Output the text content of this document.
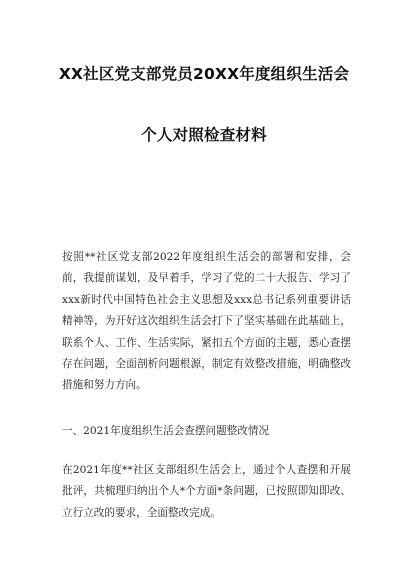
XX社区党支部党员20XX年度组织生活会
个人对照检查材料

按照**社区党支部2022年度组织生活会的部署和安排，会前，我提前谋划，及早着手，学习了党的二十大报告、学习了xxx新时代中国特色社会主义思想及xxx总书记系列重要讲话精神等，为开好这次组织生活会打下了坚实基础在此基础上，联系个人、工作、生活实际，紧扣五个方面的主题，悉心查摆存在问题，全面剖析问题根源，制定有效整改措施，明确整改措施和努力方向。

一、2021年度组织生活会查摆问题整改情况

在2021年度**社区支部组织生活会上，通过个人查摆和开展批评，共梳理归纳出个人*个方面*条问题，已按照即知即改、立行立改的要求，全面整改完成。
